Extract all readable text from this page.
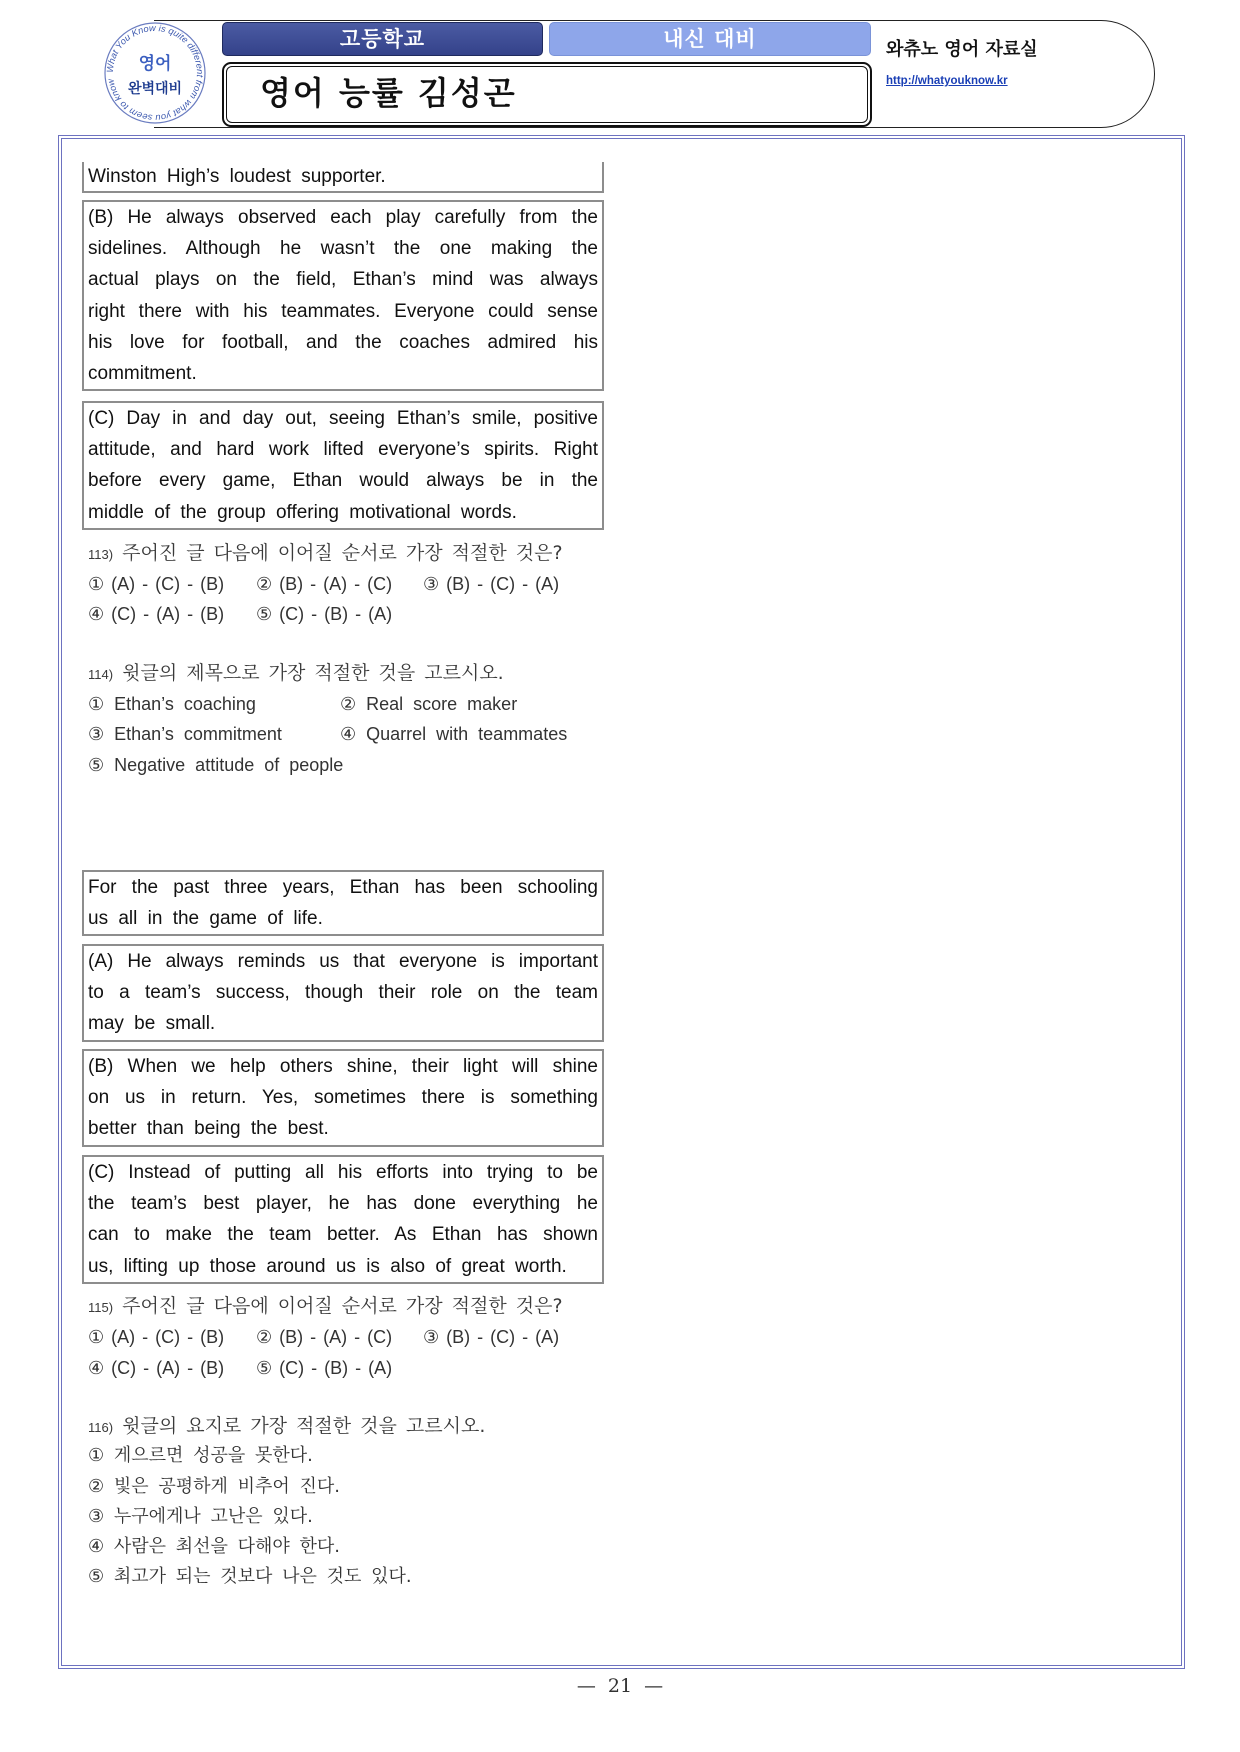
What You Know is quite different from what you seem to know
영어
완벽대비
고등학교	내신 대비
영어 능률 김성곤
와츄노 영어 자료실
http://whatyouknow.kr
Winston High’s loudest supporter.
(B) He always observed each play carefully from the
sidelines. Although he wasn’t the one making the
actual plays on the field, Ethan’s mind was always
right there with his teammates. Everyone could sense
his love for football, and the coaches admired his
commitment.
(C) Day in and day out, seeing Ethan’s smile, positive
attitude, and hard work lifted everyone’s spirits. Right
before every game, Ethan would always be in the
middle of the group offering motivational words.
113) 주어진 글 다음에 이어질 순서로 가장 적절한 것은?
① (A) - (C) - (B) ② (B) - (A) - (C) ③ (B) - (C) - (A)
④ (C) - (A) - (B) ⑤ (C) - (B) - (A)
114) 윗글의 제목으로 가장 적절한 것을 고르시오.
① Ethan’s coaching	② Real score maker
③ Ethan’s commitment	④ Quarrel with teammates
⑤ Negative attitude of people
For the past three years, Ethan has been schooling
us all in the game of life.
(A) He always reminds us that everyone is important
to a team’s success, though their role on the team
may be small.
(B) When we help others shine, their light will shine
on us in return. Yes, sometimes there is something
better than being the best.
(C) Instead of putting all his efforts into trying to be
the team’s best player, he has done everything he
can to make the team better. As Ethan has shown
us, lifting up those around us is also of great worth.
115) 주어진 글 다음에 이어질 순서로 가장 적절한 것은?
① (A) - (C) - (B) ② (B) - (A) - (C) ③ (B) - (C) - (A)
④ (C) - (A) - (B) ⑤ (C) - (B) - (A)
116) 윗글의 요지로 가장 적절한 것을 고르시오.
① 게으르면 성공을 못한다.
② 빛은 공평하게 비추어 진다.
③ 누구에게나 고난은 있다.
④ 사람은 최선을 다해야 한다.
⑤ 최고가 되는 것보다 나은 것도 있다.
— 21 —
